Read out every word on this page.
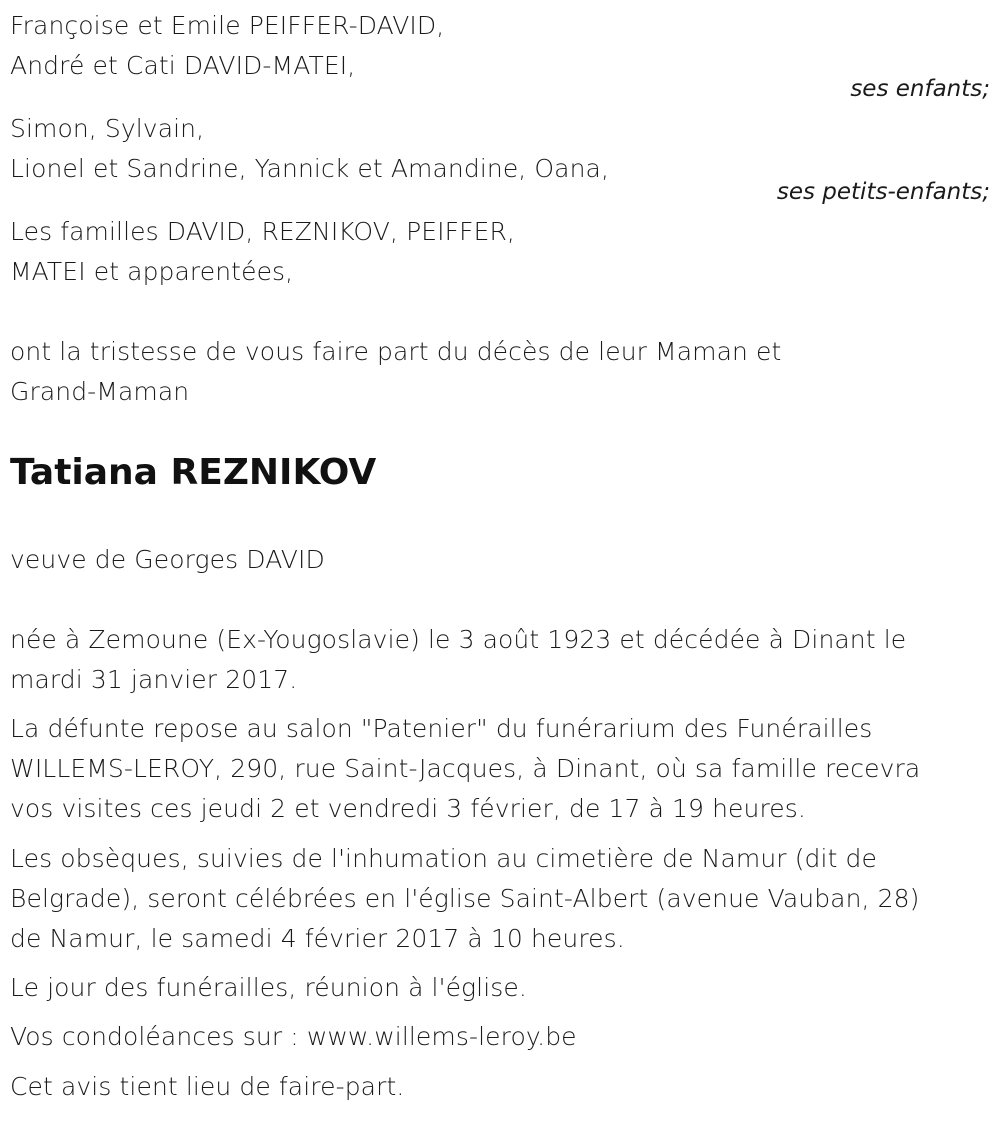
Françoise et Emile PEIFFER-DAVID,
André et Cati DAVID-MATEI,
ses enfants;
Simon, Sylvain,
Lionel et Sandrine, Yannick et Amandine, Oana,
ses petits-enfants;
Les familles DAVID, REZNIKOV, PEIFFER,
MATEI et apparentées,
ont la tristesse de vous faire part du décès de leur Maman et
Grand-Maman
Tatiana REZNIKOV
veuve de Georges DAVID
née à Zemoune (Ex-Yougoslavie) le 3 août 1923 et décédée à Dinant le
mardi 31 janvier 2017.
La défunte repose au salon "Patenier" du funérarium des Funérailles
WILLEMS-LEROY, 290, rue Saint-Jacques, à Dinant, où sa famille recevra
vos visites ces jeudi 2 et vendredi 3 février, de 17 à 19 heures.
Les obsèques, suivies de l'inhumation au cimetière de Namur (dit de
Belgrade), seront célébrées en l'église Saint-Albert (avenue Vauban, 28)
de Namur, le samedi 4 février 2017 à 10 heures.
Le jour des funérailles, réunion à l'église.
Vos condoléances sur : www.willems-leroy.be
Cet avis tient lieu de faire-part.
